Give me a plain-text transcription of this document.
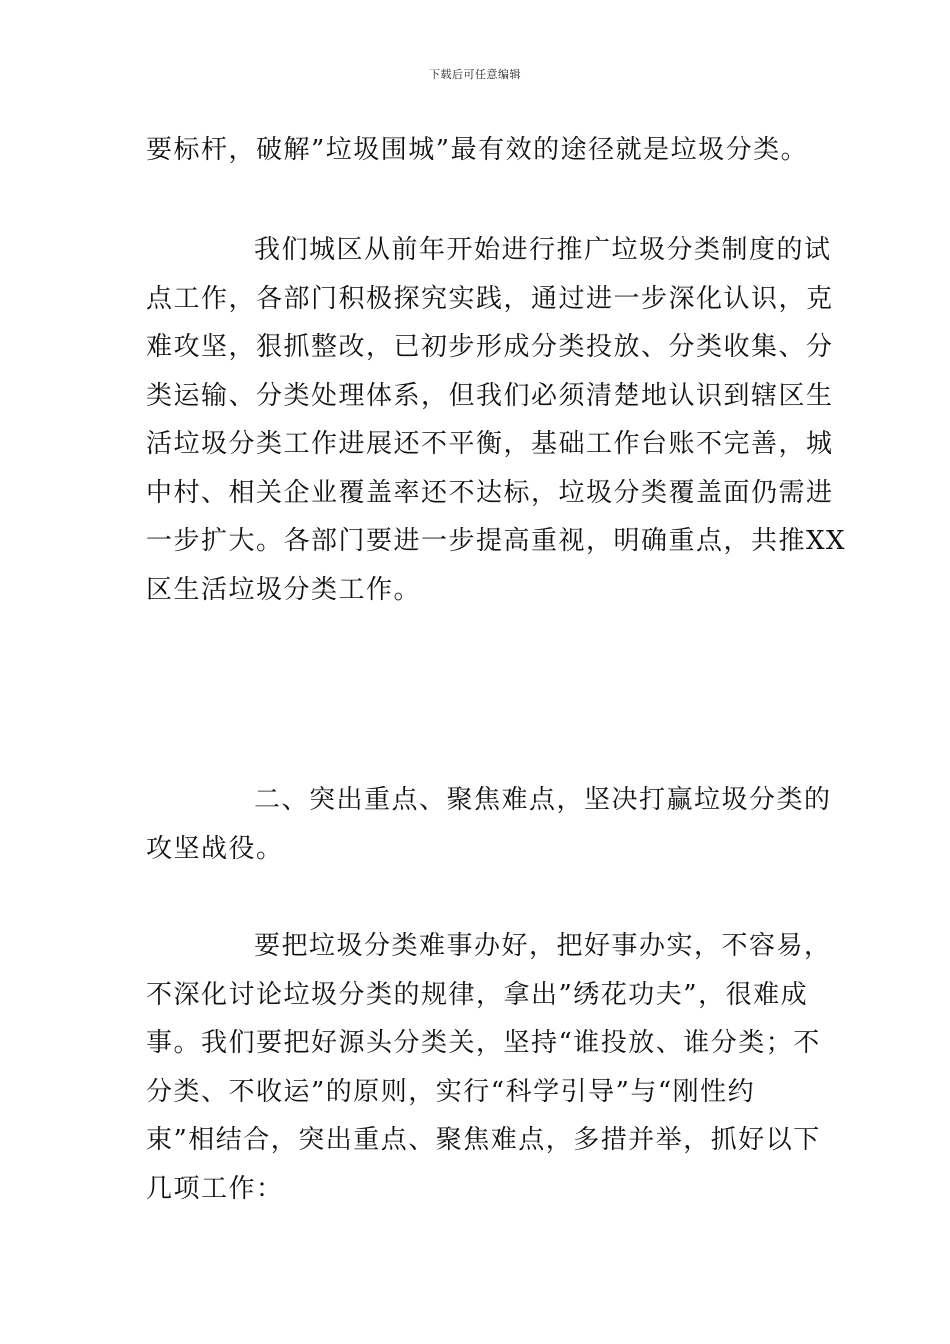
下载后可任意编辑
要标杆，破解”垃圾围城”最有效的途径就是垃圾分类。
我们城区从前年开始进行推广垃圾分类制度的试
点工作，各部门积极探究实践，通过进一步深化认识，克
难攻坚，狠抓整改，已初步形成分类投放、分类收集、分
类运输、分类处理体系，但我们必须清楚地认识到辖区生
活垃圾分类工作进展还不平衡，基础工作台账不完善，城
中村、相关企业覆盖率还不达标，垃圾分类覆盖面仍需进
一步扩大。各部门要进一步提高重视，明确重点，共推XX
区生活垃圾分类工作。
二、突出重点、聚焦难点，坚决打赢垃圾分类的
攻坚战役。
要把垃圾分类难事办好，把好事办实，不容易，
不深化讨论垃圾分类的规律，拿出”绣花功夫”，很难成
事。我们要把好源头分类关，坚持“谁投放、谁分类；不
分类、不收运”的原则，实行“科学引导”与“刚性约
束”相结合，突出重点、聚焦难点，多措并举，抓好以下
几项工作：
